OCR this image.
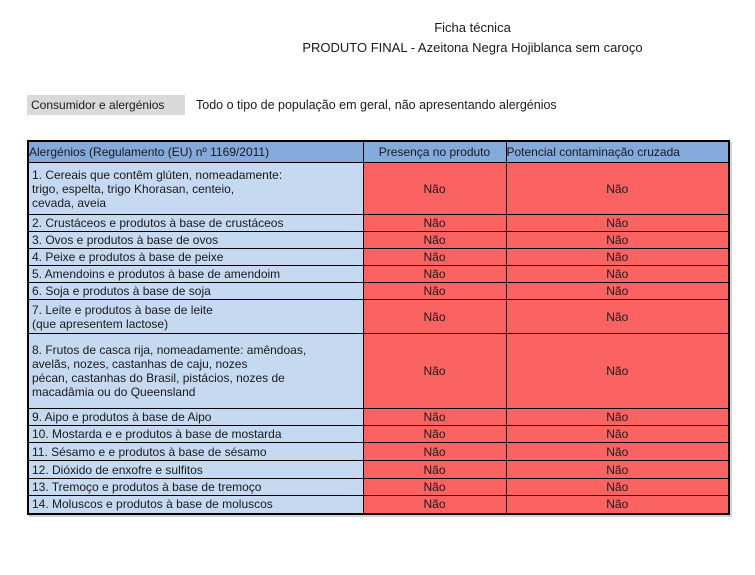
Ficha técnica
PRODUTO FINAL - Azeitona Negra Hojiblanca sem caroço
Consumidor e alergénios	Todo o tipo de população em geral, não apresentando alergénios
Alergénios (Regulamento (EU) nº 1169/2011)	Presença no produto	Potencial contaminação cruzada

1. Cereais que contêm glúten, nomeadamente:
trigo, espelta, trigo Khorasan, centeio,
cevada, aveia	Não	Não

2. Crustáceos e produtos à base de crustáceos	Não	Não

3. Ovos e produtos à base de ovos	Não	Não

4. Peixe e produtos à base de peixe	Não	Não

5. Amendoins e produtos à base de amendoim	Não	Não

6. Soja e produtos à base de soja	Não	Não

7. Leite e produtos à base de leite
(que apresentem lactose)	Não	Não

8. Frutos de casca rija, nomeadamente: amêndoas,
avelãs, nozes, castanhas de caju, nozes
pécan, castanhas do Brasil, pistácios, nozes de
macadâmia ou do Queensland	Não	Não

9. Aipo e produtos à base de Aipo	Não	Não

10. Mostarda e e produtos à base de mostarda	Não	Não

11. Sésamo e e produtos à base de sésamo	Não	Não

12. Dióxido de enxofre e sulfitos	Não	Não

13. Tremoço e produtos à base de tremoço	Não	Não

14. Moluscos e produtos à base de moluscos	Não	Não
